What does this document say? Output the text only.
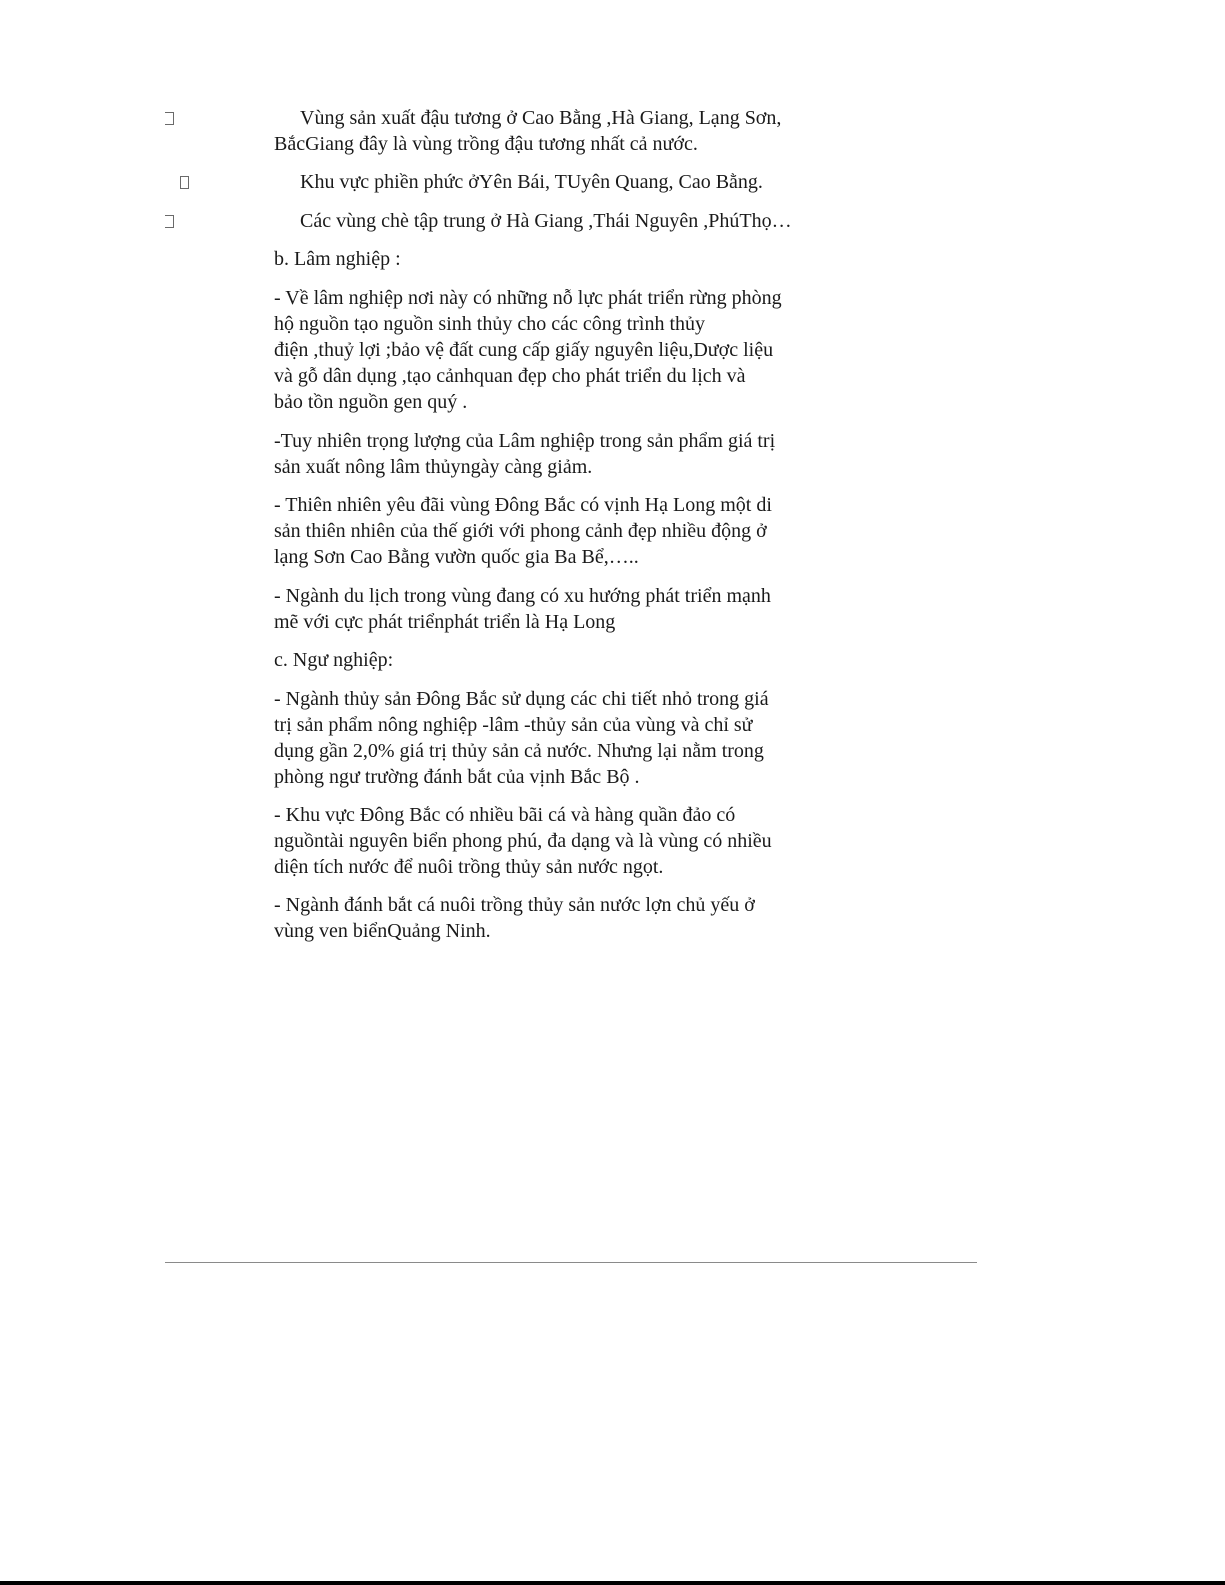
Vùng sản xuất đậu tương ở Cao Bằng ,Hà Giang, Lạng Sơn,
BắcGiang đây là vùng trồng đậu tương nhất cả nước.
Khu vực phiền phức ởYên Bái, TUyên Quang, Cao Bằng.
Các vùng chè tập trung ở Hà Giang ,Thái Nguyên ,PhúThọ…
b. Lâm nghiệp :
- Về lâm nghiệp nơi này có những nỗ lực phát triển rừng phòng
hộ nguồn tạo nguồn sinh thủy cho các công trình thủy
điện ,thuỷ lợi ;bảo vệ đất cung cấp giấy nguyên liệu,Dược liệu
và gỗ dân dụng ,tạo cảnhquan đẹp cho phát triển du lịch và
bảo tồn nguồn gen quý .
-Tuy nhiên trọng lượng của Lâm nghiệp trong sản phẩm giá trị
sản xuất nông lâm thủyngày càng giảm.
- Thiên nhiên yêu đãi vùng Đông Bắc có vịnh Hạ Long một di
sản thiên nhiên của thế giới với phong cảnh đẹp nhiều động ở
lạng Sơn Cao Bằng vườn quốc gia Ba Bể,…..
- Ngành du lịch trong vùng đang có xu hướng phát triển mạnh
mẽ với cực phát triểnphát triển là Hạ Long
c. Ngư nghiệp:
- Ngành thủy sản Đông Bắc sử dụng các chi tiết nhỏ trong giá
trị sản phẩm nông nghiệp -lâm -thủy sản của vùng và chỉ sử
dụng gần 2,0% giá trị thủy sản cả nước. Nhưng lại nằm trong
phòng ngư trường đánh bắt của vịnh Bắc Bộ .
- Khu vực Đông Bắc có nhiều bãi cá và hàng quần đảo có
nguồntài nguyên biển phong phú, đa dạng và là vùng có nhiều
diện tích nước để nuôi trồng thủy sản nước ngọt.
- Ngành đánh bắt cá nuôi trồng thủy sản nước lợn chủ yếu ở
vùng ven biểnQuảng Ninh.
